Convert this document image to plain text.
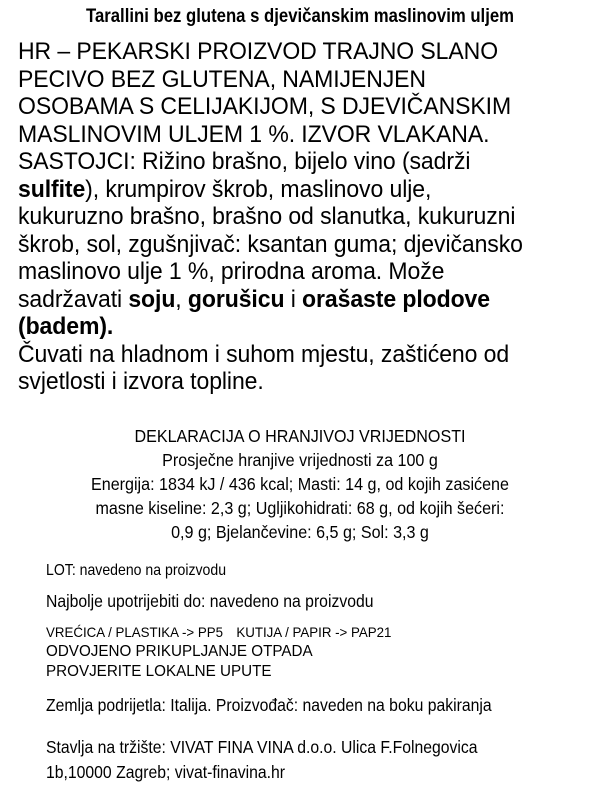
Tarallini bez glutena s djevičanskim maslinovim uljem

HR – PEKARSKI PROIZVOD TRAJNO SLANO
PECIVO BEZ GLUTENA, NAMIJENJEN
OSOBAMA S CELIJAKIJOM, S DJEVIČANSKIM
MASLINOVIM ULJEM 1 %. IZVOR VLAKANA.

SASTOJCI: Rižino brašno, bijelo vino (sadrži
sulfite), krumpirov škrob, maslinovo ulje,
kukuruzno brašno, brašno od slanutka, kukuruzni
škrob, sol, zgušnjivač: ksantan guma; djevičansko
maslinovo ulje 1 %, prirodna aroma. Može
sadržavati soju, gorušicu i orašaste plodove
(badem).

Čuvati na hladnom i suhom mjestu, zaštićeno od
svjetlosti i izvora topline.

DEKLARACIJA O HRANJIVOJ VRIJEDNOSTI
Prosječne hranjive vrijednosti za 100 g
Energija: 1834 kJ / 436 kcal; Masti: 14 g, od kojih zasićene
masne kiseline: 2,3 g; Ugljikohidrati: 68 g, od kojih šećeri:
0,9 g; Bjelančevine: 6,5 g; Sol: 3,3 g
LOT: navedeno na proizvodu
Najbolje upotrijebiti do: navedeno na proizvodu
VREĆICA / PLASTIKA -> PP5 KUTIJA / PAPIR -> PAP21
ODVOJENO PRIKUPLJANJE OTPADA
PROVJERITE LOKALNE UPUTE
Zemlja podrijetla: Italija. Proizvođač: naveden na boku pakiranja
Stavlja na tržište: VIVAT FINA VINA d.o.o. Ulica F.Folnegovica
1b,10000 Zagreb; vivat-finavina.hr
